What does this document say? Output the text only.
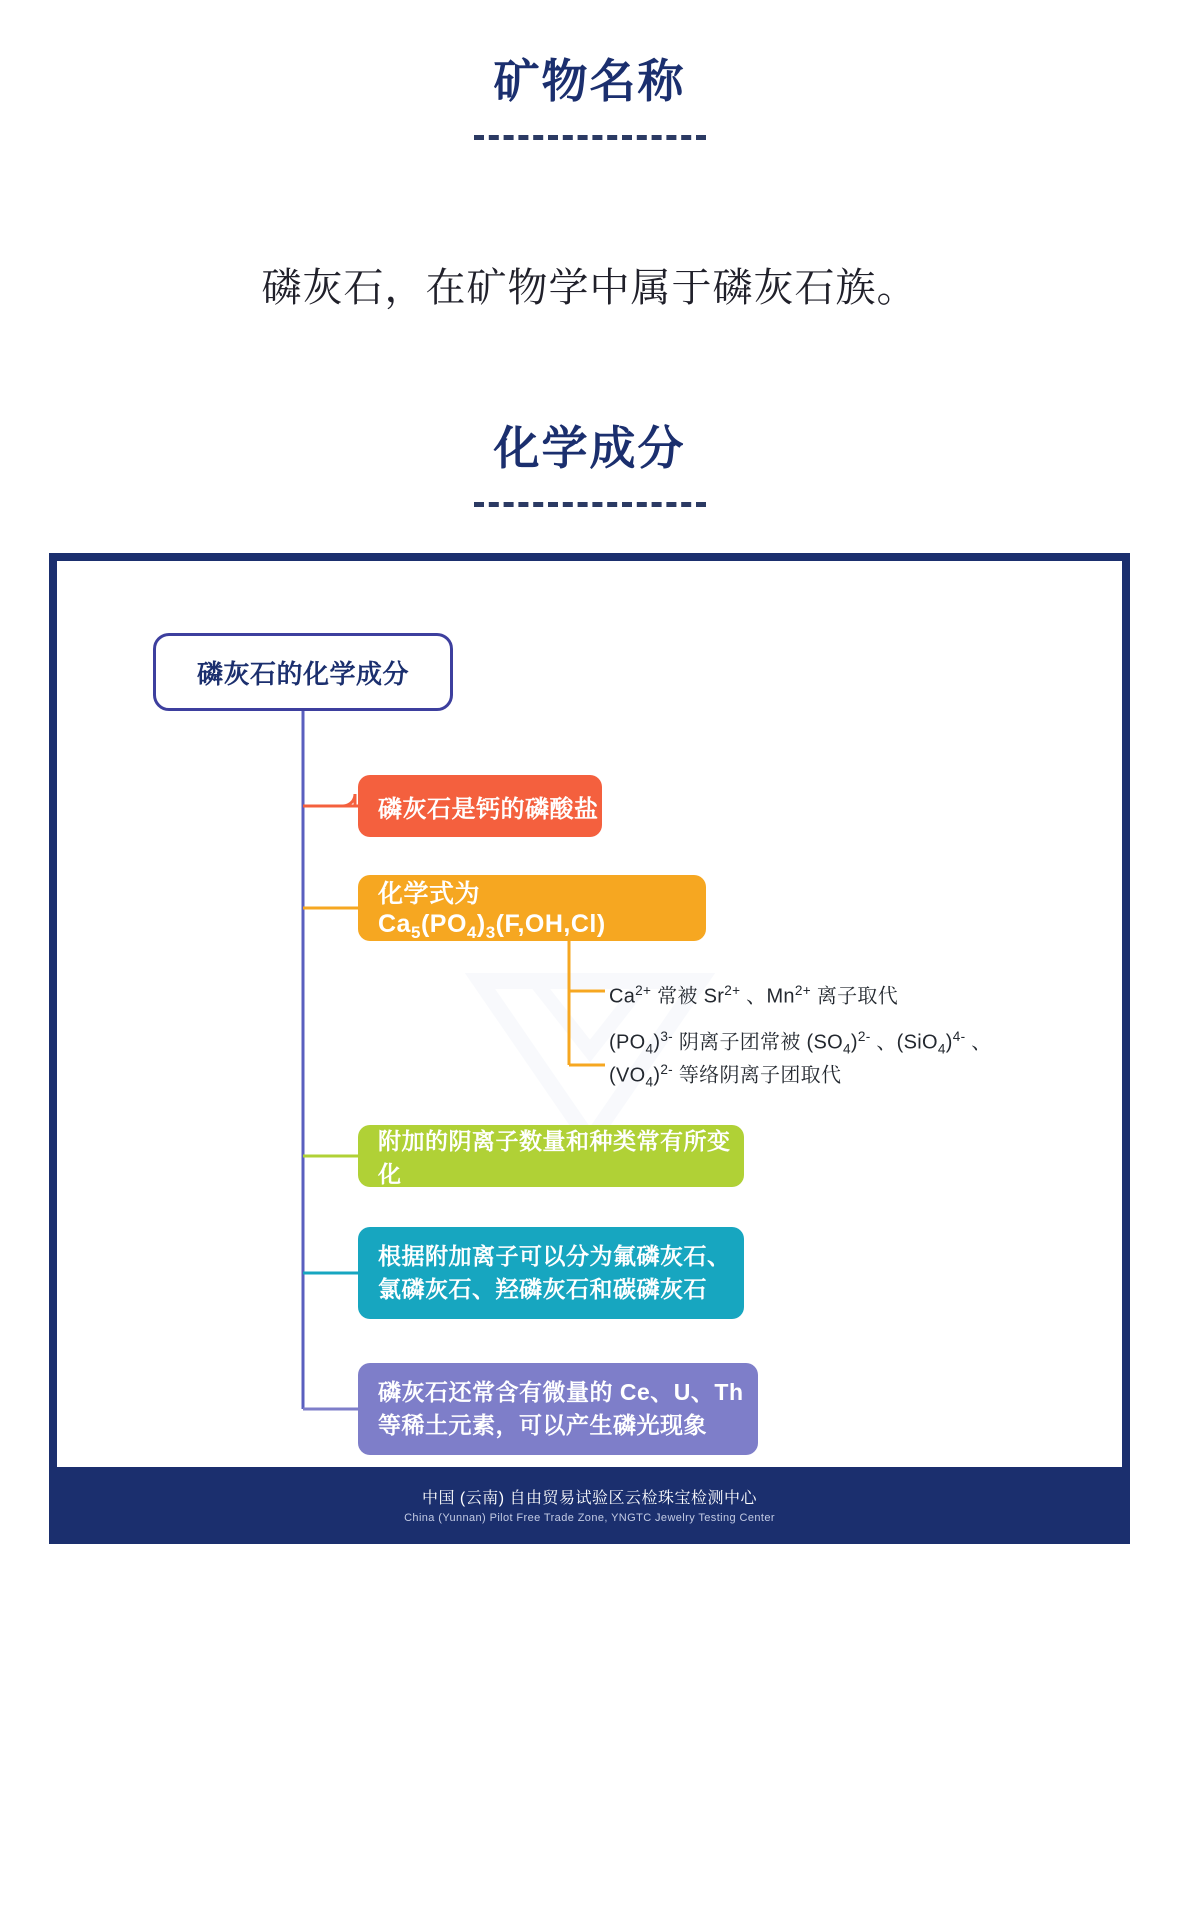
矿物名称
磷灰石，在矿物学中属于磷灰石族。
化学成分
磷灰石的化学成分
磷灰石是钙的磷酸盐
化学式为 $Ca_5(PO_4)_3(F,OH,Cl)$
$Ca^{2+}$ 常被 $Sr^{2+}$ 、$Mn^{2+}$ 离子取代
$(PO_4)^{3-}$ 阴离子团常被 $(SO_4)^{2-}$ 、$(SiO_4)^{4-}$ 、
$(VO_4)^{2-}$ 等络阴离子团取代
附加的阴离子数量和种类常有所变化
根据附加离子可以分为氟磷灰石、氯磷灰石、羟磷灰石和碳磷灰石
磷灰石还常含有微量的 Ce、U、Th 等稀土元素，可以产生磷光现象
中国 (云南) 自由贸易试验区云检珠宝检测中心
China (Yunnan) Pilot Free Trade Zone, YNGTC Jewelry Testing Center
